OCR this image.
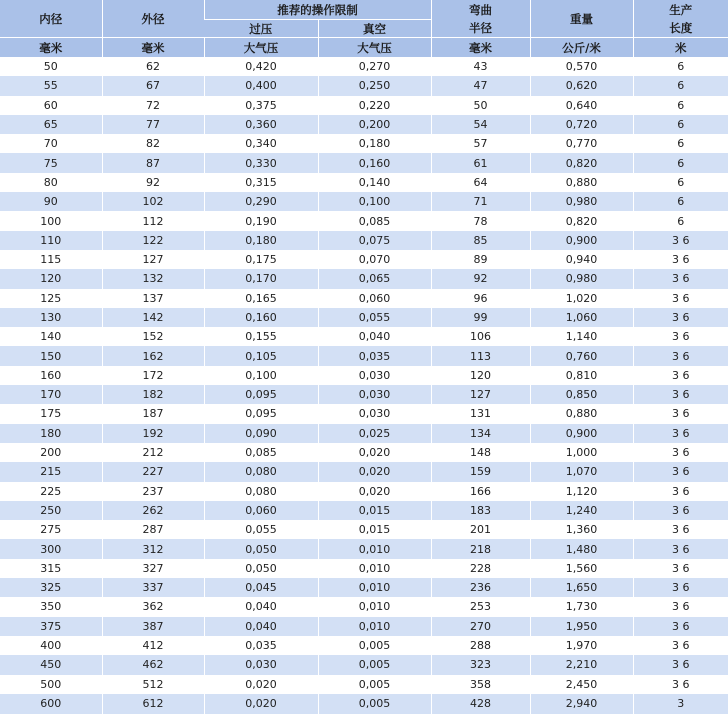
内径	外径	推荐的操作限制		弯曲	重量	生产
		过压	真空	半径		长度
毫米	毫米	大气压	大气压	毫米	公斤/米	米
50	62	0,420	0,270	43	0,570	6
55	67	0,400	0,250	47	0,620	6
60	72	0,375	0,220	50	0,640	6
65	77	0,360	0,200	54	0,720	6
70	82	0,340	0,180	57	0,770	6
75	87	0,330	0,160	61	0,820	6
80	92	0,315	0,140	64	0,880	6
90	102	0,290	0,100	71	0,980	6
100	112	0,190	0,085	78	0,820	6
110	122	0,180	0,075	85	0,900	3 6
115	127	0,175	0,070	89	0,940	3 6
120	132	0,170	0,065	92	0,980	3 6
125	137	0,165	0,060	96	1,020	3 6
130	142	0,160	0,055	99	1,060	3 6
140	152	0,155	0,040	106	1,140	3 6
150	162	0,105	0,035	113	0,760	3 6
160	172	0,100	0,030	120	0,810	3 6
170	182	0,095	0,030	127	0,850	3 6
175	187	0,095	0,030	131	0,880	3 6
180	192	0,090	0,025	134	0,900	3 6
200	212	0,085	0,020	148	1,000	3 6
215	227	0,080	0,020	159	1,070	3 6
225	237	0,080	0,020	166	1,120	3 6
250	262	0,060	0,015	183	1,240	3 6
275	287	0,055	0,015	201	1,360	3 6
300	312	0,050	0,010	218	1,480	3 6
315	327	0,050	0,010	228	1,560	3 6
325	337	0,045	0,010	236	1,650	3 6
350	362	0,040	0,010	253	1,730	3 6
375	387	0,040	0,010	270	1,950	3 6
400	412	0,035	0,005	288	1,970	3 6
450	462	0,030	0,005	323	2,210	3 6
500	512	0,020	0,005	358	2,450	3 6
600	612	0,020	0,005	428	2,940	3
